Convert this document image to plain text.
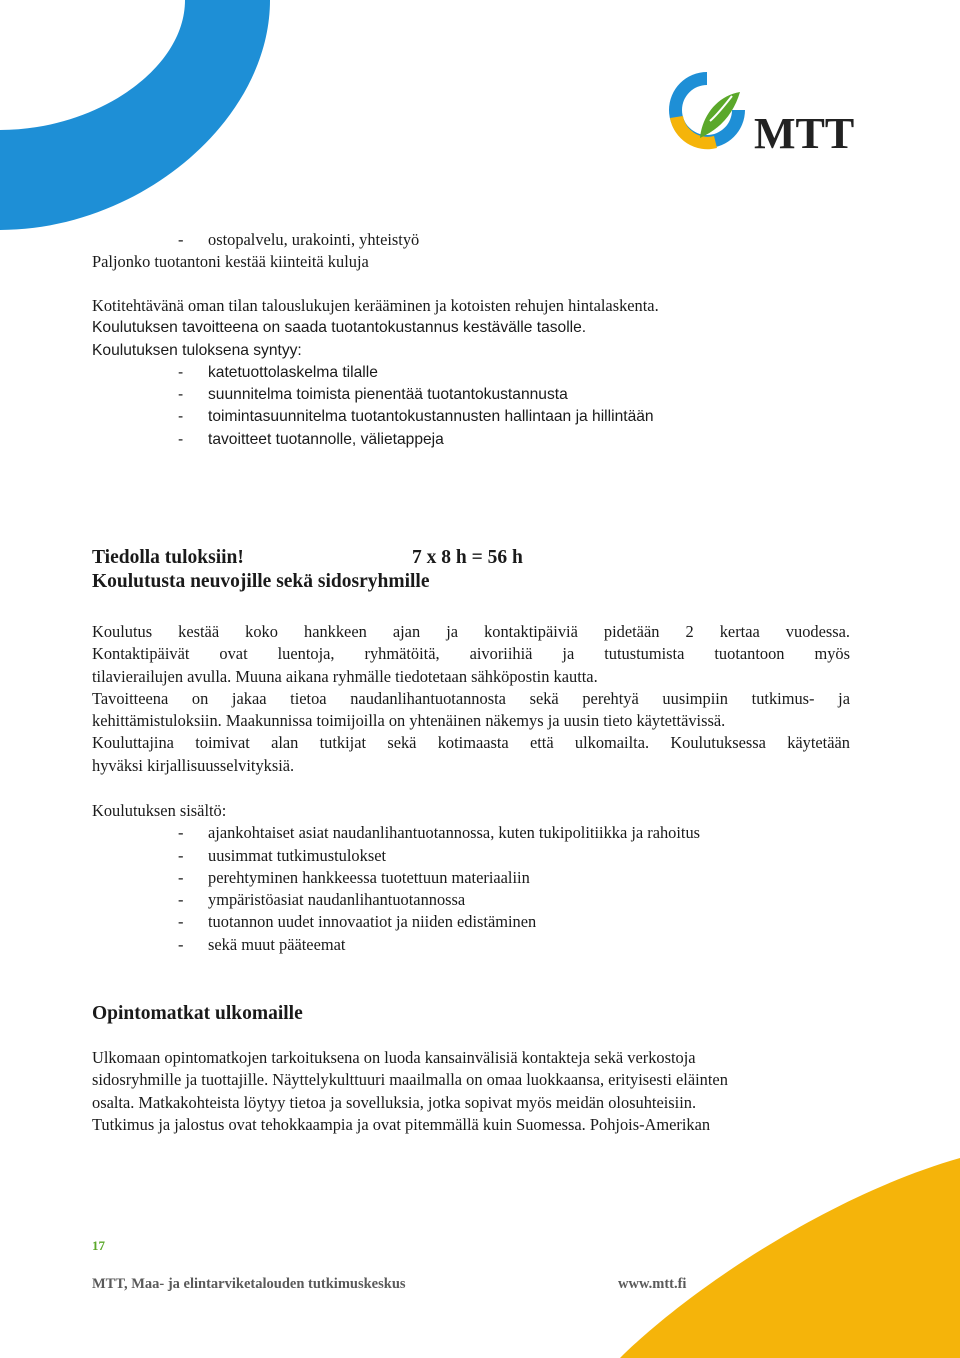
MTT

- ostopalvelu, urakointi, yhteistyö

Paljonko tuotantoni kestää kiinteitä kuluja

Kotitehtävänä oman tilan talouslukujen kerääminen ja kotoisten rehujen hintalaskenta.

Koulutuksen tavoitteena on saada tuotantokustannus kestävälle tasolle.

Koulutuksen tuloksena syntyy:

- katetuottolaskelma tilalle

- suunnitelma toimista pienentää tuotantokustannusta

- toimintasuunnitelma tuotantokustannusten hallintaan ja hillintään

- tavoitteet tuotannolle, välietappeja

Tiedolla tuloksiin!	7 x 8 h = 56 h

Koulutusta neuvojille sekä sidosryhmille

Koulutus kestää koko hankkeen ajan ja kontaktipäiviä pidetään 2 kertaa vuodessa.

Kontaktipäivät ovat luentoja, ryhmätöitä, aivoriihiä ja tutustumista tuotantoon myös

tilavierailujen avulla. Muuna aikana ryhmälle tiedotetaan sähköpostin kautta.

Tavoitteena on jakaa tietoa naudanlihantuotannosta sekä perehtyä uusimpiin tutkimus- ja

kehittämistuloksiin. Maakunnissa toimijoilla on yhtenäinen näkemys ja uusin tieto käytettävissä.

Kouluttajina toimivat alan tutkijat sekä kotimaasta että ulkomailta. Koulutuksessa käytetään

hyväksi kirjallisuusselvityksiä.

Koulutuksen sisältö:

- ajankohtaiset asiat naudanlihantuotannossa, kuten tukipolitiikka ja rahoitus

- uusimmat tutkimustulokset

- perehtyminen hankkeessa tuotettuun materiaaliin

- ympäristöasiat naudanlihantuotannossa

- tuotannon uudet innovaatiot ja niiden edistäminen

- sekä muut pääteemat

Opintomatkat ulkomaille

Ulkomaan opintomatkojen tarkoituksena on luoda kansainvälisiä kontakteja sekä verkostoja

sidosryhmille ja tuottajille. Näyttelykulttuuri maailmalla on omaa luokkaansa, erityisesti eläinten

osalta. Matkakohteista löytyy tietoa ja sovelluksia, jotka sopivat myös meidän olosuhteisiin.

Tutkimus ja jalostus ovat tehokkaampia ja ovat pitemmällä kuin Suomessa. Pohjois-Amerikan

17
MTT, Maa- ja elintarviketalouden tutkimuskeskus	www.mtt.fi
